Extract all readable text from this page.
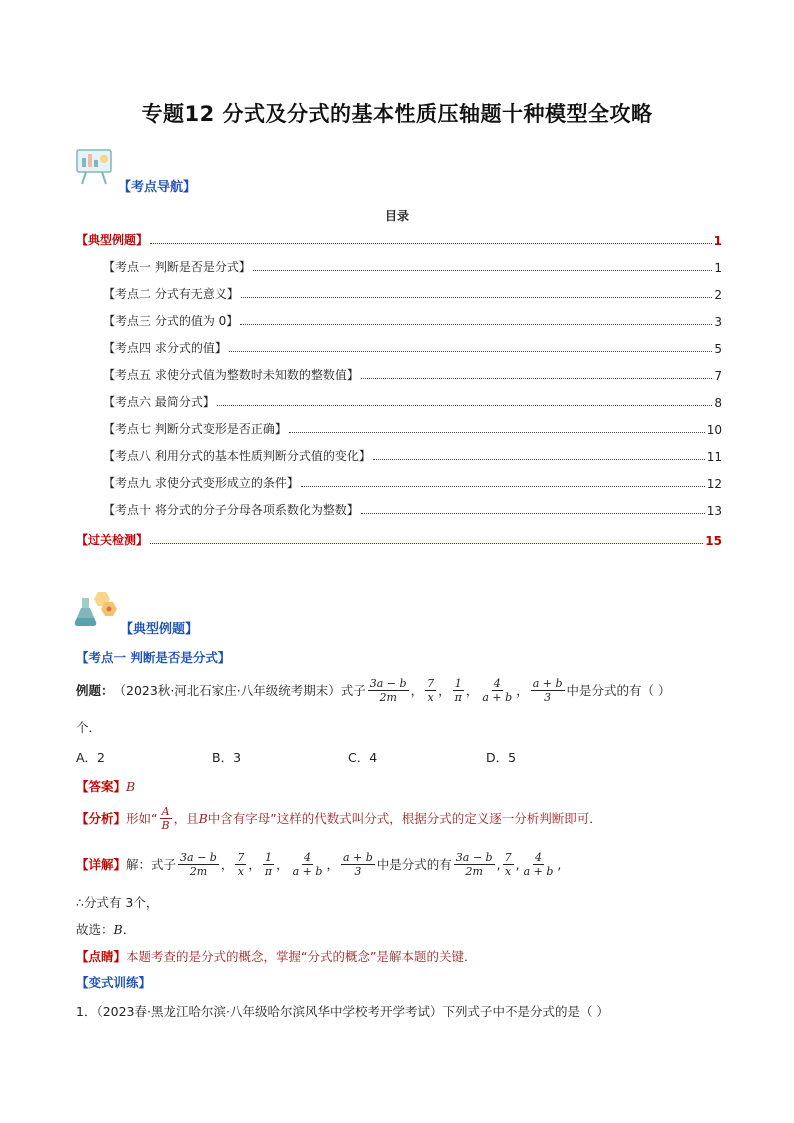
专题12 分式及分式的基本性质压轴题十种模型全攻略
【考点导航】
目录
【典型例题】	1
【考点一 判断是否是分式】	1
【考点二 分式有无意义】	2
【考点三 分式的值为 0】	3
【考点四 求分式的值】	5
【考点五 求使分式值为整数时未知数的整数值】	7
【考点六 最简分式】	8
【考点七 判断分式变形是否正确】	10
【考点八 利用分式的基本性质判断分式值的变化】	11
【考点九 求使分式变形成立的条件】	12
【考点十 将分式的分子分母各项系数化为整数】	13
【过关检测】	15
【典型例题】
【考点一 判断是否是分式】
例题： （2023秋·河北石家庄·八年级统考期末）式子 $\frac{3a - b}{2m}$ ， $\frac{7}{x}$ ， $\frac{1}{\pi}$ ， $\frac{4}{a + b}$ ， $\frac{a + b}{3}$ 中是分式的有（ ）
个．
A．2	B．3	C．4	D．5
【答案】 B
【分析】 形如“ $\frac{A}{B}$ ，且 B 中含有字母”这样的代数式叫分式，根据分式的定义逐一分析判断即可．
【详解】 解：式子 $\frac{3a - b}{2m}$ ， $\frac{7}{x}$ ， $\frac{1}{\pi}$ ， $\frac{4}{a + b}$ ， $\frac{a + b}{3}$ 中是分式的有 $\frac{3a - b}{2m}$ , $\frac{7}{x}$ , $\frac{4}{a + b}$ ,
∴分式有 3个，
故选： B ．
【点睛】 本题考查的是分式的概念，掌握“分式的概念”是解本题的关键．
【变式训练】
1．（2023春·黑龙江哈尔滨·八年级哈尔滨风华中学校考开学考试）下列式子中不是分式的是（ ）
